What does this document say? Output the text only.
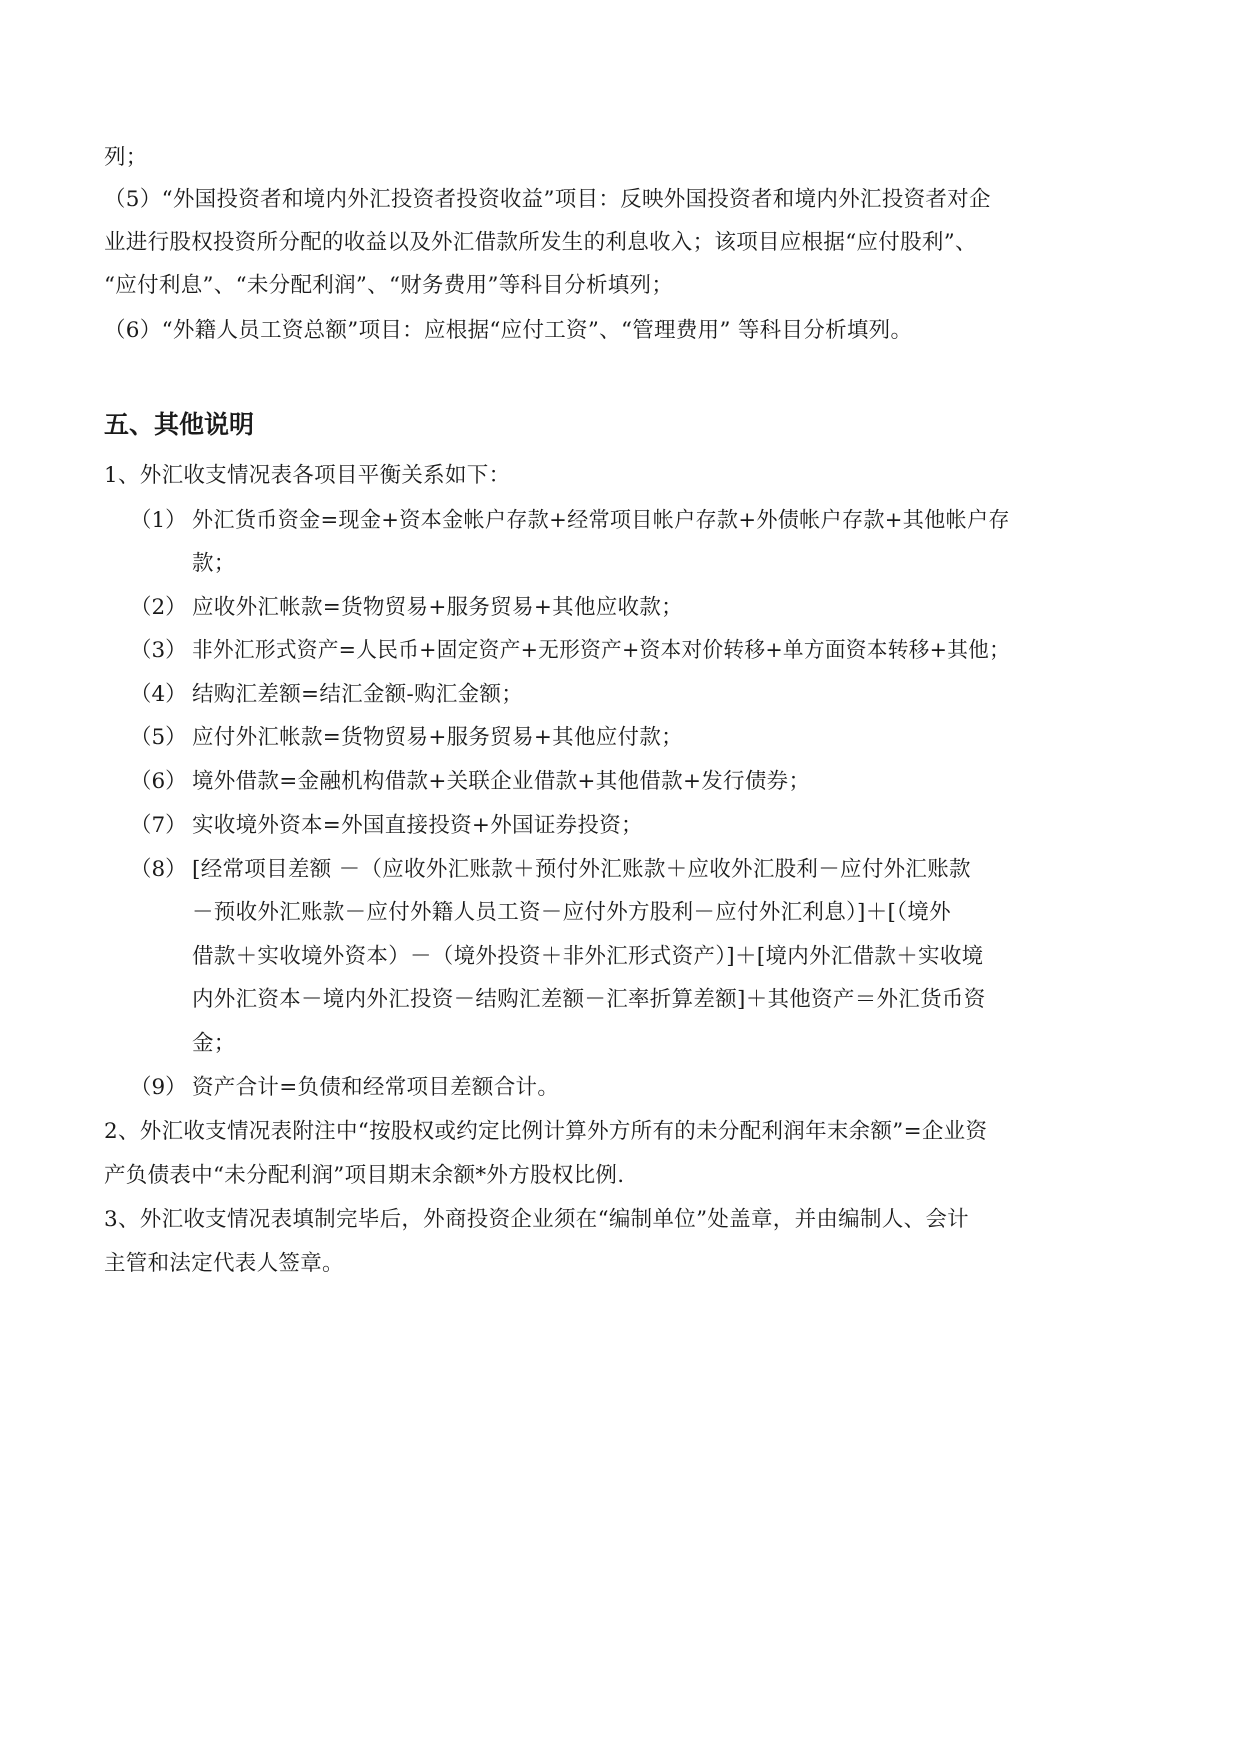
列；
（5）“外国投资者和境内外汇投资者投资收益”项目：反映外国投资者和境内外汇投资者对企
业进行股权投资所分配的收益以及外汇借款所发生的利息收入；该项目应根据“应付股利”、
“应付利息”、“未分配利润”、“财务费用”等科目分析填列；
（6）“外籍人员工资总额”项目：应根据“应付工资”、“管理费用” 等科目分析填列。
五、其他说明
1、外汇收支情况表各项目平衡关系如下：
（1） 外汇货币资金=现金+资本金帐户存款+经常项目帐户存款+外债帐户存款+其他帐户存
款；
（2） 应收外汇帐款=货物贸易+服务贸易+其他应收款；
（3） 非外汇形式资产=人民币+固定资产+无形资产+资本对价转移+单方面资本转移+其他；
（4） 结购汇差额=结汇金额-购汇金额；
（5） 应付外汇帐款=货物贸易+服务贸易+其他应付款；
（6） 境外借款=金融机构借款+关联企业借款+其他借款+发行债券；
（7） 实收境外资本=外国直接投资+外国证券投资；
（8） [经常项目差额 －（应收外汇账款＋预付外汇账款＋应收外汇股利－应付外汇账款
－预收外汇账款－应付外籍人员工资－应付外方股利－应付外汇利息）]＋[（境外
借款＋实收境外资本）－（境外投资＋非外汇形式资产）]＋[境内外汇借款＋实收境
内外汇资本－境内外汇投资－结购汇差额－汇率折算差额]＋其他资产＝外汇货币资
金；
（9） 资产合计=负债和经常项目差额合计。
2、外汇收支情况表附注中“按股权或约定比例计算外方所有的未分配利润年末余额”=企业资
产负债表中“未分配利润”项目期末余额*外方股权比例.
3、外汇收支情况表填制完毕后，外商投资企业须在“编制单位”处盖章，并由编制人、会计
主管和法定代表人签章。
